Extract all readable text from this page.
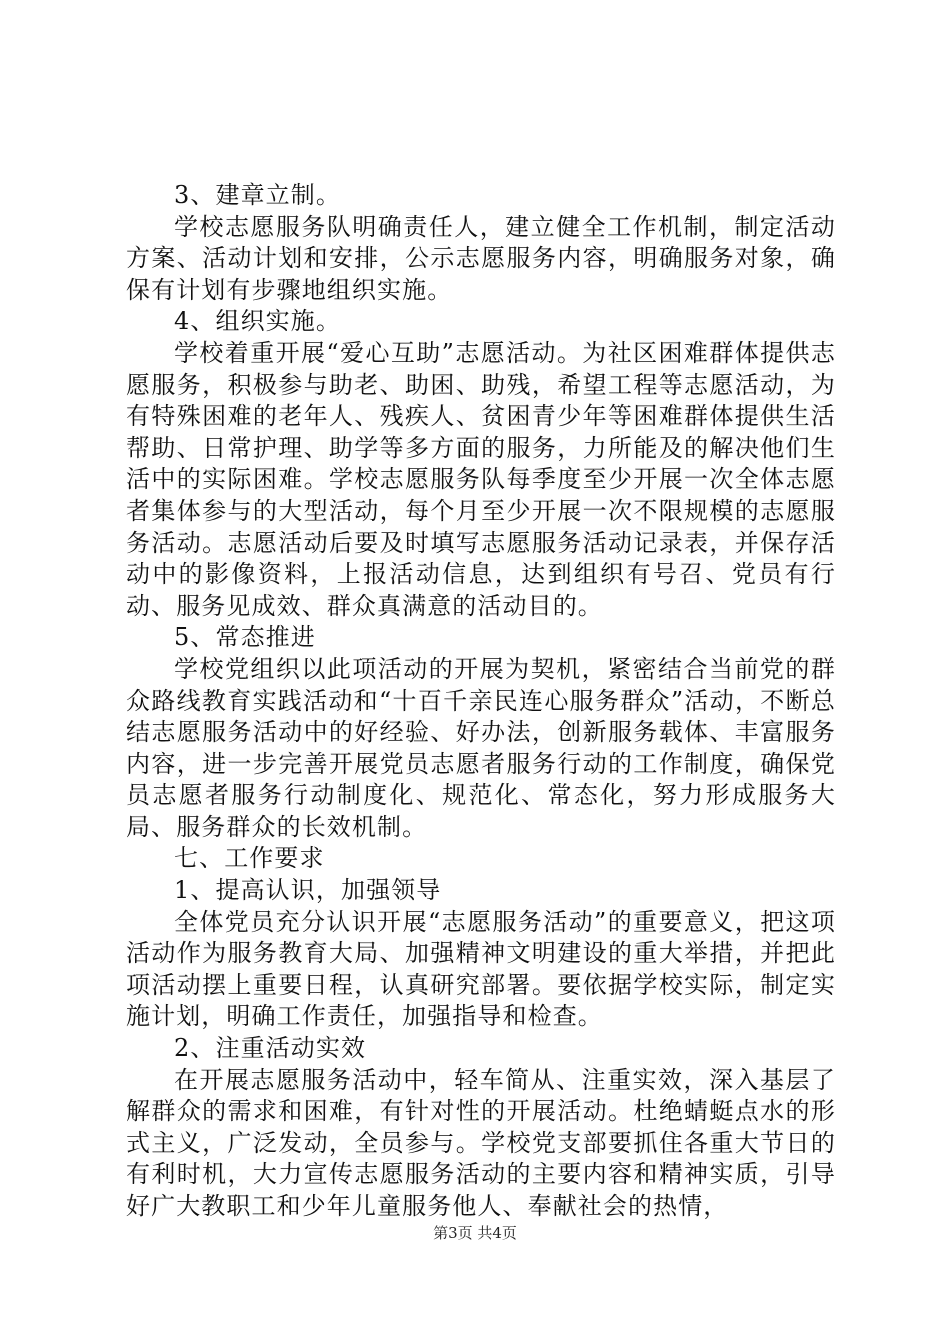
3、建章立制。

学校志愿服务队明确责任人，建立健全工作机制，制定活动方案、活动计划和安排，公示志愿服务内容，明确服务对象，确保有计划有步骤地组织实施。

4、组织实施。

学校着重开展“爱心互助”志愿活动。为社区困难群体提供志愿服务，积极参与助老、助困、助残，希望工程等志愿活动，为有特殊困难的老年人、残疾人、贫困青少年等困难群体提供生活帮助、日常护理、助学等多方面的服务，力所能及的解决他们生活中的实际困难。学校志愿服务队每季度至少开展一次全体志愿者集体参与的大型活动，每个月至少开展一次不限规模的志愿服务活动。志愿活动后要及时填写志愿服务活动记录表，并保存活动中的影像资料，上报活动信息，达到组织有号召、党员有行动、服务见成效、群众真满意的活动目的。

5、常态推进

学校党组织以此项活动的开展为契机，紧密结合当前党的群众路线教育实践活动和“十百千亲民连心服务群众”活动，不断总结志愿服务活动中的好经验、好办法，创新服务载体、丰富服务内容，进一步完善开展党员志愿者服务行动的工作制度，确保党员志愿者服务行动制度化、规范化、常态化，努力形成服务大局、服务群众的长效机制。

七、工作要求

1、提高认识，加强领导

全体党员充分认识开展“志愿服务活动”的重要意义，把这项活动作为服务教育大局、加强精神文明建设的重大举措，并把此项活动摆上重要日程，认真研究部署。要依据学校实际，制定实施计划，明确工作责任，加强指导和检查。

2、注重活动实效

在开展志愿服务活动中，轻车简从、注重实效，深入基层了解群众的需求和困难，有针对性的开展活动。杜绝蜻蜓点水的形式主义，广泛发动，全员参与。学校党支部要抓住各重大节日的有利时机，大力宣传志愿服务活动的主要内容和精神实质，引导好广大教职工和少年儿童服务他人、奉献社会的热情，

第3页 共4页
